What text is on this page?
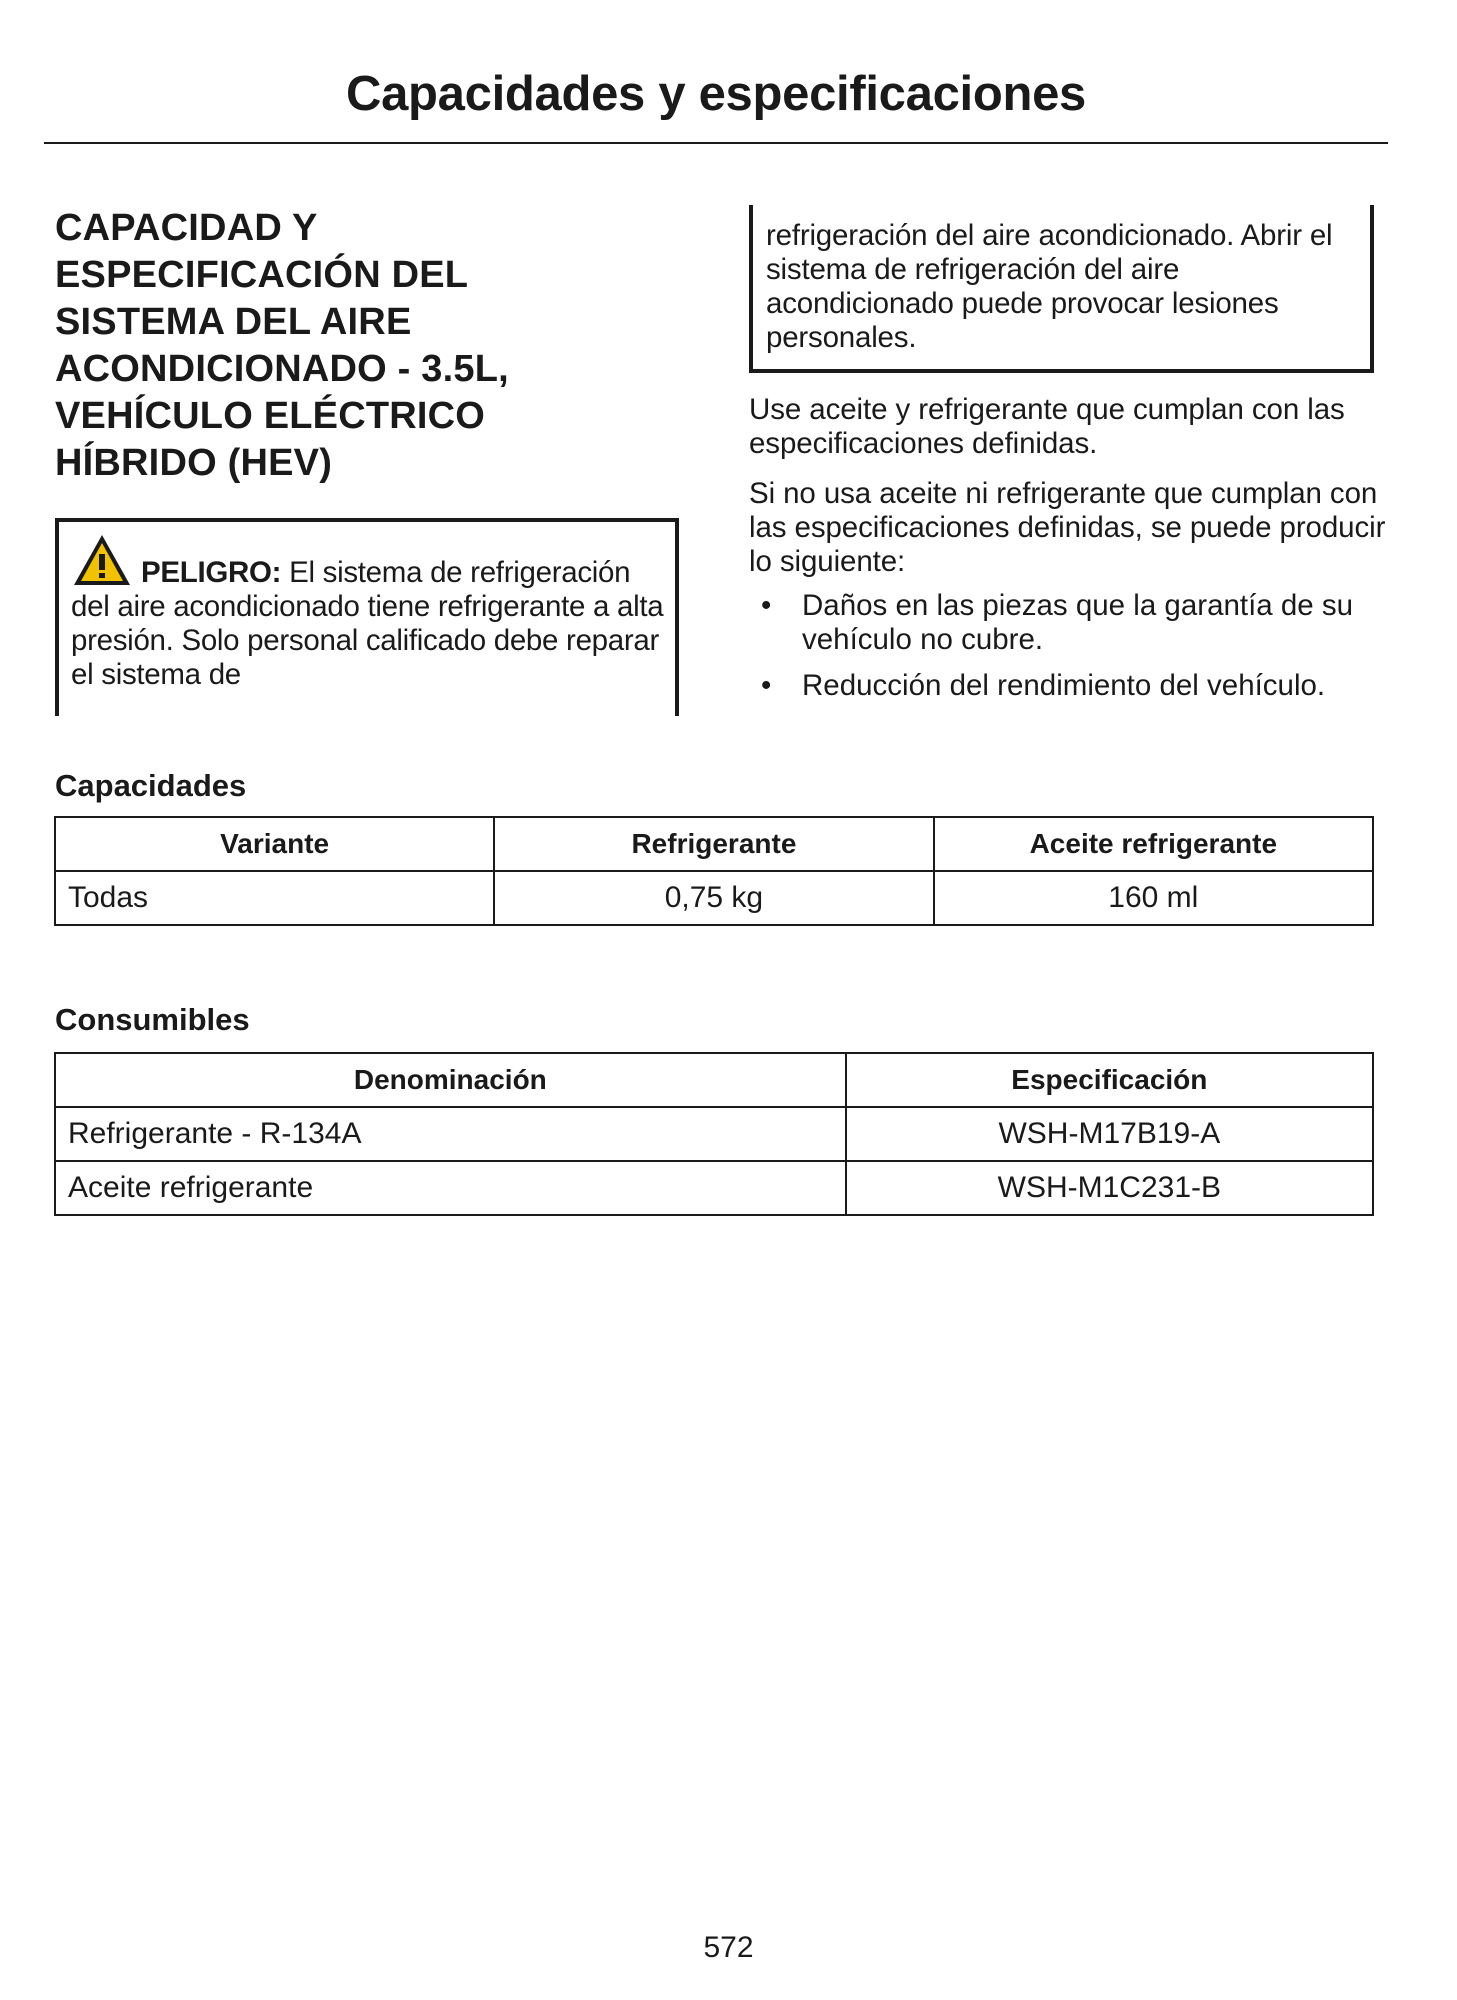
Capacidades y especificaciones
CAPACIDAD Y
ESPECIFICACIÓN DEL
SISTEMA DEL AIRE
ACONDICIONADO - 3.5L,
VEHÍCULO ELÉCTRICO
HÍBRIDO (HEV)

PELIGRO: El sistema de refrigeración del aire acondicionado tiene refrigerante a alta presión. Solo personal calificado debe reparar el sistema de

refrigeración del aire acondicionado. Abrir el sistema de refrigeración del aire acondicionado puede provocar lesiones personales.

Use aceite y refrigerante que cumplan con las especificaciones definidas.

Si no usa aceite ni refrigerante que cumplan con las especificaciones definidas, se puede producir lo siguiente:

• Daños en las piezas que la garantía de su vehículo no cubre.
• Reducción del rendimiento del vehículo.
Capacidades
Variante	Refrigerante	Aceite refrigerante
Todas	0,75 kg	160 ml
Consumibles
Denominación	Especificación
Refrigerante - R-134A	WSH-M17B19-A
Aceite refrigerante	WSH-M1C231-B
572
